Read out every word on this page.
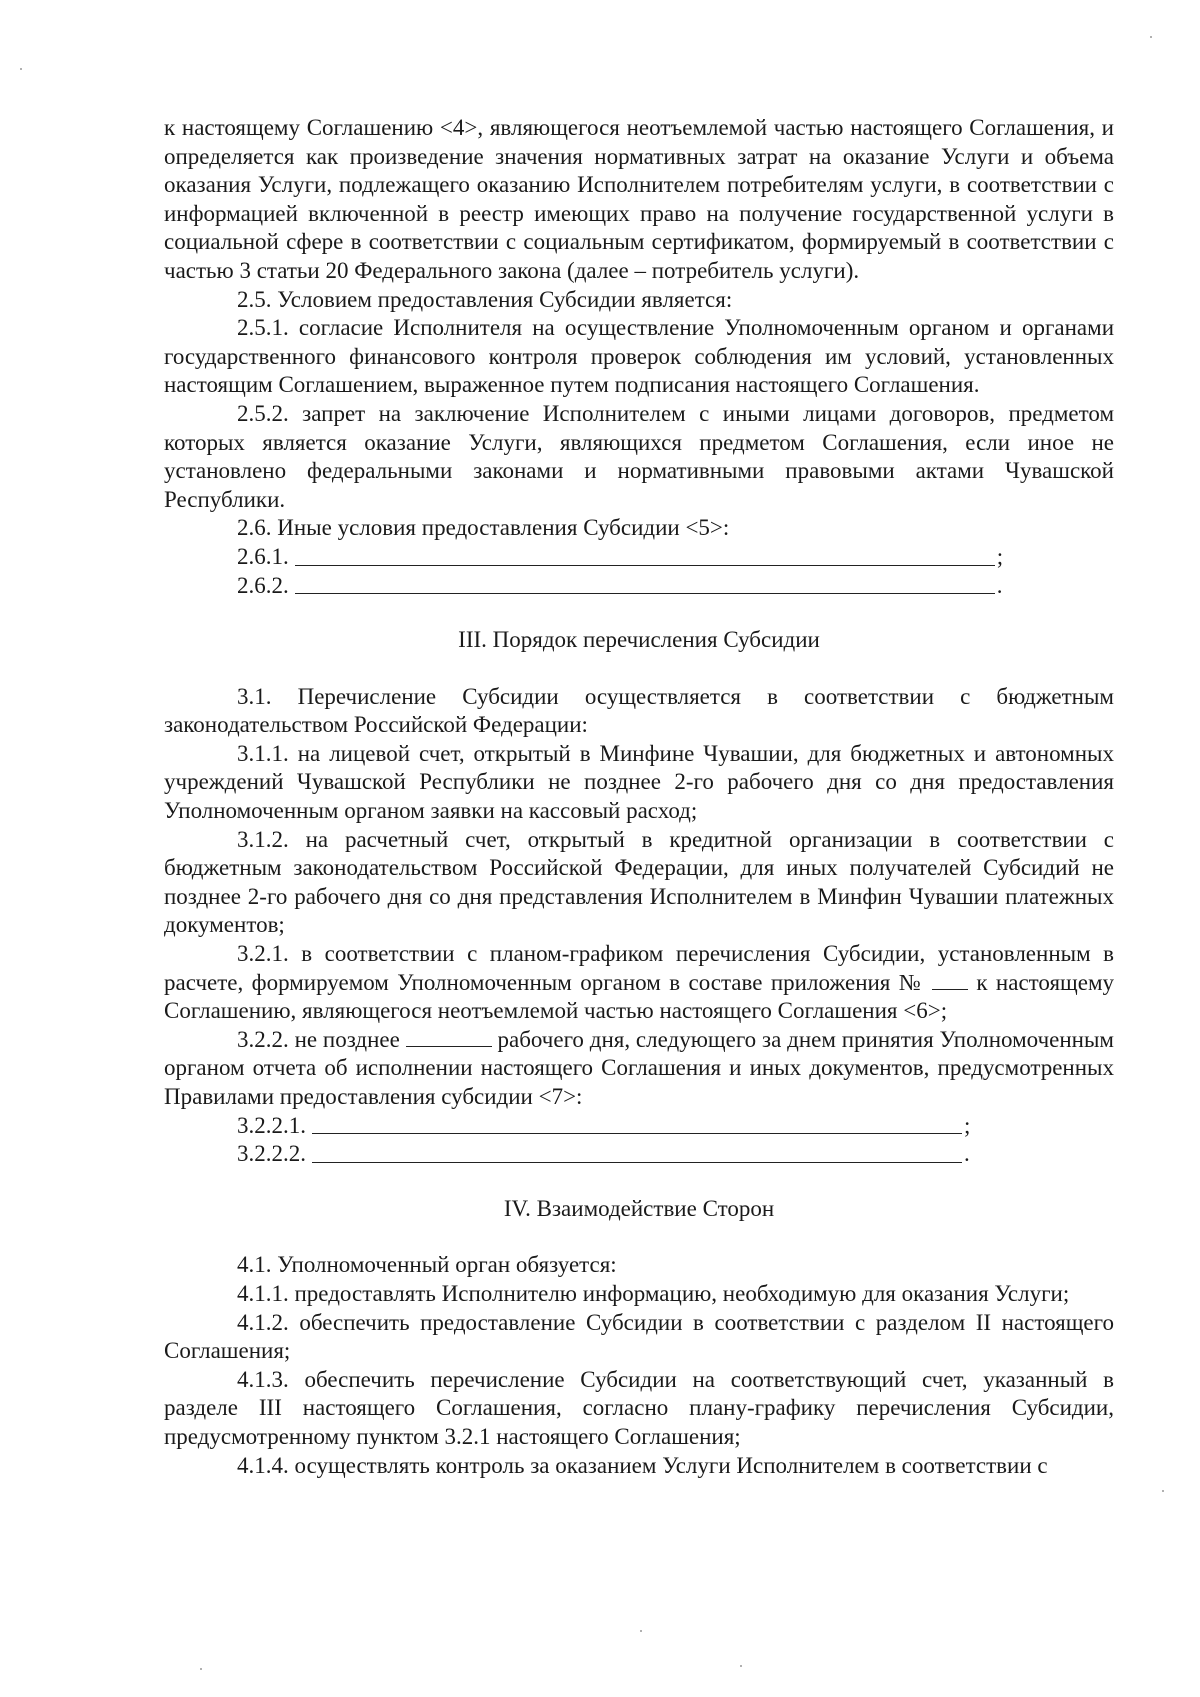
к настоящему Соглашению <4>, являющегося неотъемлемой частью настоящего Соглашения, и определяется как произведение значения нормативных затрат на оказание Услуги и объема оказания Услуги, подлежащего оказанию Исполнителем потребителям услуги, в соответствии с информацией включенной в реестр имеющих право на получение государственной услуги в социальной сфере в соответствии с социальным сертификатом, формируемый в соответствии с частью 3 статьи 20 Федерального закона (далее – потребитель услуги).

2.5. Условием предоставления Субсидии является:

2.5.1. согласие Исполнителя на осуществление Уполномоченным органом и органами государственного финансового контроля проверок соблюдения им условий, установленных настоящим Соглашением, выраженное путем подписания настоящего Соглашения.

2.5.2. запрет на заключение Исполнителем с иными лицами договоров, предметом которых является оказание Услуги, являющихся предметом Соглашения, если иное не установлено федеральными законами и нормативными правовыми актами Чувашской Республики.

2.6. Иные условия предоставления Субсидии <5>:

2.6.1.	;
2.6.2.	.

III. Порядок перечисления Субсидии

3.1. Перечисление Субсидии осуществляется в соответствии с бюджетным законодательством Российской Федерации:

3.1.1. на лицевой счет, открытый в Минфине Чувашии, для бюджетных и автономных учреждений Чувашской Республики не позднее 2-го рабочего дня со дня предоставления Уполномоченным органом заявки на кассовый расход;

3.1.2. на расчетный счет, открытый в кредитной организации в соответствии с бюджетным законодательством Российской Федерации, для иных получателей Субсидий не позднее 2-го рабочего дня со дня представления Исполнителем в Минфин Чувашии платежных документов;

3.2.1. в соответствии с планом-графиком перечисления Субсидии, установленным в расчете, формируемом Уполномоченным органом в составе приложения № к настоящему Соглашению, являющегося неотъемлемой частью настоящего Соглашения <6>;

3.2.2. не позднее	рабочего дня, следующего за днем принятия Уполномоченным органом отчета об исполнении настоящего Соглашения и иных документов, предусмотренных Правилами предоставления субсидии <7>:

3.2.2.1.	;
3.2.2.2.	.

IV. Взаимодействие Сторон

4.1. Уполномоченный орган обязуется:

4.1.1. предоставлять Исполнителю информацию, необходимую для оказания Услуги;

4.1.2. обеспечить предоставление Субсидии в соответствии с разделом II настоящего Соглашения;

4.1.3. обеспечить перечисление Субсидии на соответствующий счет, указанный в разделе III настоящего Соглашения, согласно плану-графику перечисления Субсидии, предусмотренному пунктом 3.2.1 настоящего Соглашения;

4.1.4. осуществлять контроль за оказанием Услуги Исполнителем в соответствии с
